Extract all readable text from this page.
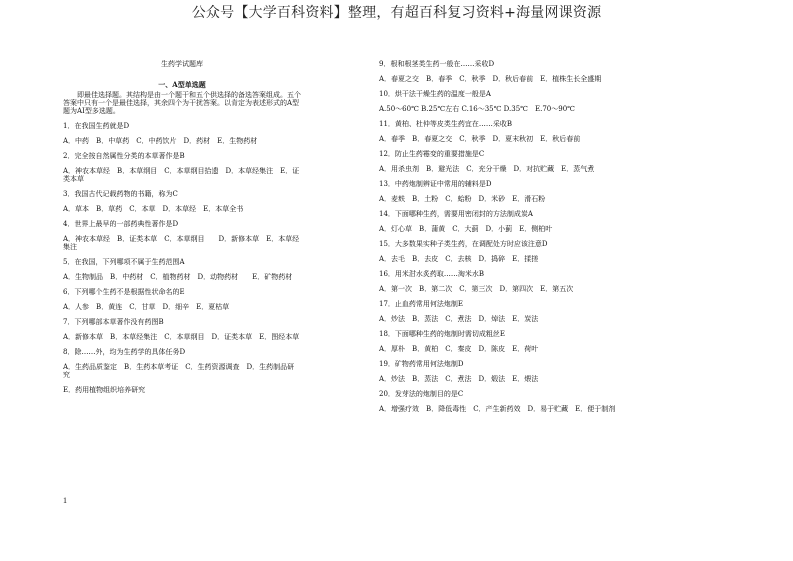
公众号【大学百科资料】整理，有超百科复习资料+海量网课资源
生药学试题库
一、A型单选题
即最佳选择题。其结构是由一个题干和五个供选择的备选答案组成。五个答案中只有一个是最佳选择，其余四个为干扰答案。以肯定为表述形式的A型题为AI型多选题。
1．在我国生药就是D
A．中药　B．中草药　C．中药饮片　D．药材　E．生物药材
2．完全按自然属性分类的本草著作是B
A．神农本草经　B．本草纲目　C．本草纲目拾遗　D．本草经集注　E．证类本草
3．我国古代记载药物的书籍，称为C
A．草本　B．草药　C．本草　D．本草经　E．本草全书
4．世界上最早的一部药典性著作是D
A．神农本草经　B．证类本草　C．本草纲目　　D．新修本草　E．本草经集注
5．在我国，下列哪项不属于生药范围A
A．生物制品　B．中药材　C．植物药材　D．动物药材　　E．矿物药材
6．下列哪个生药不是根据性状命名的E
A．人参　B．黄连　C．甘草　D．细辛　E．夏枯草
7．下列哪部本草著作没有药图B
A．新修本草　B．本草经集注　C．本草纲目　D．证类本草　E．图经本草
8．除……外，均为生药学的具体任务D
A．生药品质鉴定　B．生药本草考证　C．生药资源调查　D．生药制品研究
E．药用植物组织培养研究
9．根和根茎类生药一般在……采收D
A．春夏之交　B．春季　C．秋季　D．秋后春前　E．植株生长全盛期
10．烘干法干燥生药的温度一般是A
A.50～60℃ B.25℃左右 C.16～35℃ D.35℃　E.70～90℃
11．黄柏、杜仲等皮类生药宜在……采收B
A．春季　B．春夏之交　C．秋季　D．夏末秋初　E．秋后春前
12．防止生药霉变的重要措施是C
A．用杀虫剂　B．避光法　C．充分干燥　D．对抗贮藏　E．蒸气煮
13．中药炮制辨证中常用的辅料是D
A．麦麸　B．土粉　C．蛤粉　D．米砂　E．滑石粉
14．下面哪种生药，需要用密闭封的方法制成炭A
A．灯心草　B．蒲黄　C．大蓟　D．小蓟　E．侧柏叶
15．大多数果实种子类生药，在调配处方时应该注意D
A．去毛　B．去皮　C．去核　D．捣碎　E．揉搓
16．用米泔水炙药取……淘米水B
A．第一次　B．第二次　C．第三次　D．第四次　E．第五次
17．止血药常用何法炮制E
A．炒法　B．蒸法　C．煮法　D．焯法　E．炭法
18．下面哪种生药的炮制时需切成粗丝E
A．厚朴　B．黄柏　C．秦皮　D．陈皮　E．荷叶
19．矿物药常用何法炮制D
A．炒法　B．蒸法　C．煮法　D．煅法　E．煨法
20．发芽法的炮制目的是C
A．增强疗效　B．降低毒性　C．产生新药效　D．易于贮藏　E．便于制剂
1
